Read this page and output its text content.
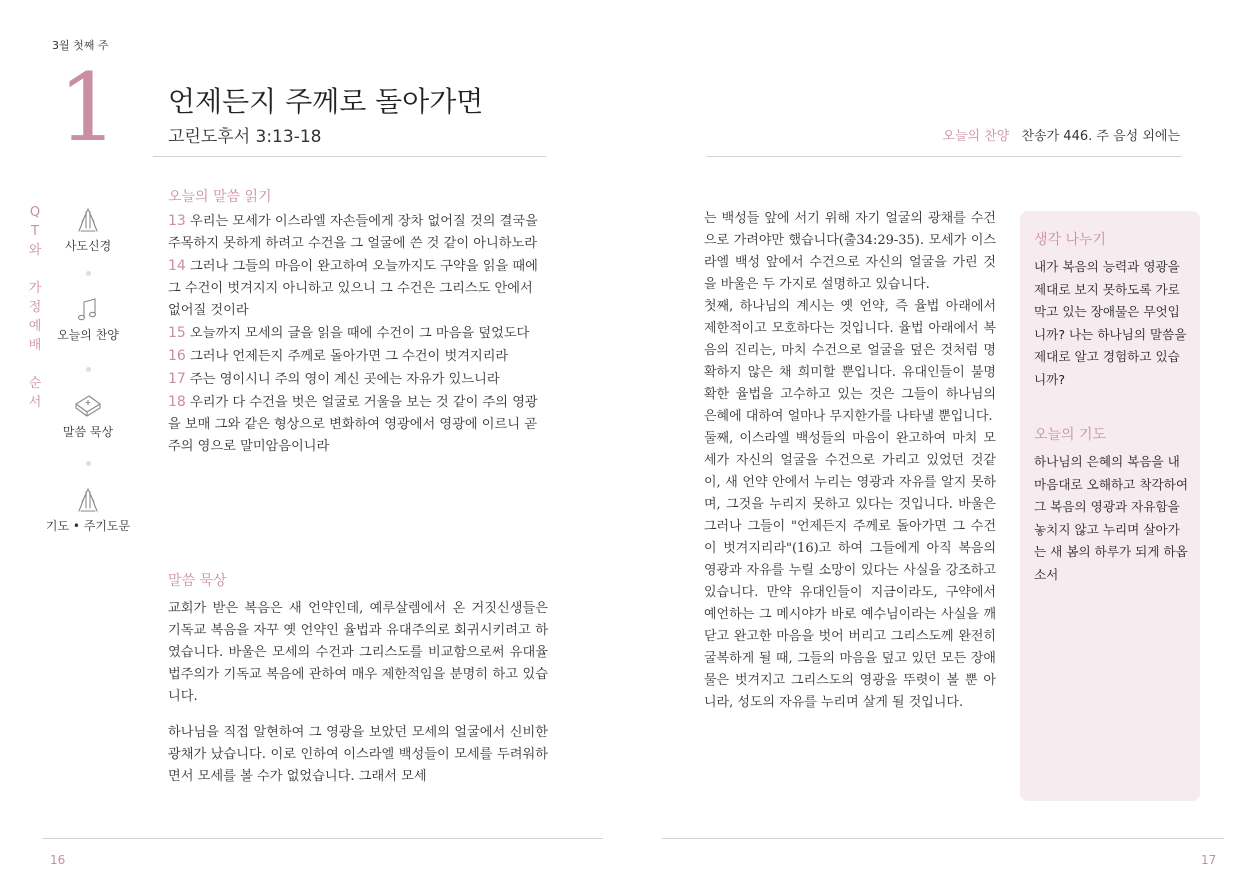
3월 첫째 주
1 언제든지 주께로 돌아가면
고린도후서 3:13-18	오늘의 찬양 찬송가 446. 주 음성 외에는
Q
T
와

가
정
예
배

순
서
사도신경
오늘의 찬양
말씀 묵상
기도 • 주기도문
오늘의 말씀 읽기
13 우리는 모세가 이스라엘 자손들에게 장차 없어질 것의 결국을 주목하지 못하게 하려고 수건을 그 얼굴에 쓴 것 같이 아니하노라
14 그러나 그들의 마음이 완고하여 오늘까지도 구약을 읽을 때에 그 수건이 벗겨지지 아니하고 있으니 그 수건은 그리스도 안에서 없어질 것이라
15 오늘까지 모세의 글을 읽을 때에 수건이 그 마음을 덮었도다
16 그러나 언제든지 주께로 돌아가면 그 수건이 벗겨지리라
17 주는 영이시니 주의 영이 계신 곳에는 자유가 있느니라
18 우리가 다 수건을 벗은 얼굴로 거울을 보는 것 같이 주의 영광을 보매 그와 같은 형상으로 변화하여 영광에서 영광에 이르니 곧 주의 영으로 말미암음이니라
말씀 묵상

교회가 받은 복음은 새 언약인데, 예루살렘에서 온 거짓신생들은 기독교 복음을 자꾸 옛 언약인 율법과 유대주의로 회귀시키려고 하였습니다. 바울은 모세의 수건과 그리스도를 비교함으로써 유대율법주의가 기독교 복음에 관하여 매우 제한적임을 분명히 하고 있습니다.

하나님을 직접 알현하여 그 영광을 보았던 모세의 얼굴에서 신비한 광채가 났습니다. 이로 인하여 이스라엘 백성들이 모세를 두려워하면서 모세를 볼 수가 없었습니다. 그래서 모세

는 백성들 앞에 서기 위해 자기 얼굴의 광채를 수건으로 가려야만 했습니다(출34:29-35). 모세가 이스라엘 백성 앞에서 수건으로 자신의 얼굴을 가린 것을 바울은 두 가지로 설명하고 있습니다.

첫째, 하나님의 계시는 옛 언약, 즉 율법 아래에서 제한적이고 모호하다는 것입니다. 율법 아래에서 복음의 진리는, 마치 수건으로 얼굴을 덮은 것처럼 명확하지 않은 채 희미할 뿐입니다. 유대인들이 불명확한 율법을 고수하고 있는 것은 그들이 하나님의 은혜에 대하여 얼마나 무지한가를 나타낼 뿐입니다.

둘째, 이스라엘 백성들의 마음이 완고하여 마치 모세가 자신의 얼굴을 수건으로 가리고 있었던 것같이, 새 언약 안에서 누리는 영광과 자유를 알지 못하며, 그것을 누리지 못하고 있다는 것입니다. 바울은 그러나 그들이 "언제든지 주께로 돌아가면 그 수건이 벗겨지리라"(16)고 하여 그들에게 아직 복음의 영광과 자유를 누릴 소망이 있다는 사실을 강조하고 있습니다. 만약 유대인들이 지금이라도, 구약에서 예언하는 그 메시야가 바로 예수님이라는 사실을 깨닫고 완고한 마음을 벗어 버리고 그리스도께 완전히 굴복하게 될 때, 그들의 마음을 덮고 있던 모든 장애물은 벗겨지고 그리스도의 영광을 뚜렷이 볼 뿐 아니라, 성도의 자유를 누리며 살게 될 것입니다.

생각 나누기
내가 복음의 능력과 영광을 제대로 보지 못하도록 가로막고 있는 장애물은 무엇입니까? 나는 하나님의 말씀을 제대로 알고 경험하고 있습니까?
오늘의 기도
하나님의 은혜의 복음을 내 마음대로 오해하고 착각하여 그 복음의 영광과 자유함을 놓치지 않고 누리며 살아가는 새 봄의 하루가 되게 하옵소서
16	17
